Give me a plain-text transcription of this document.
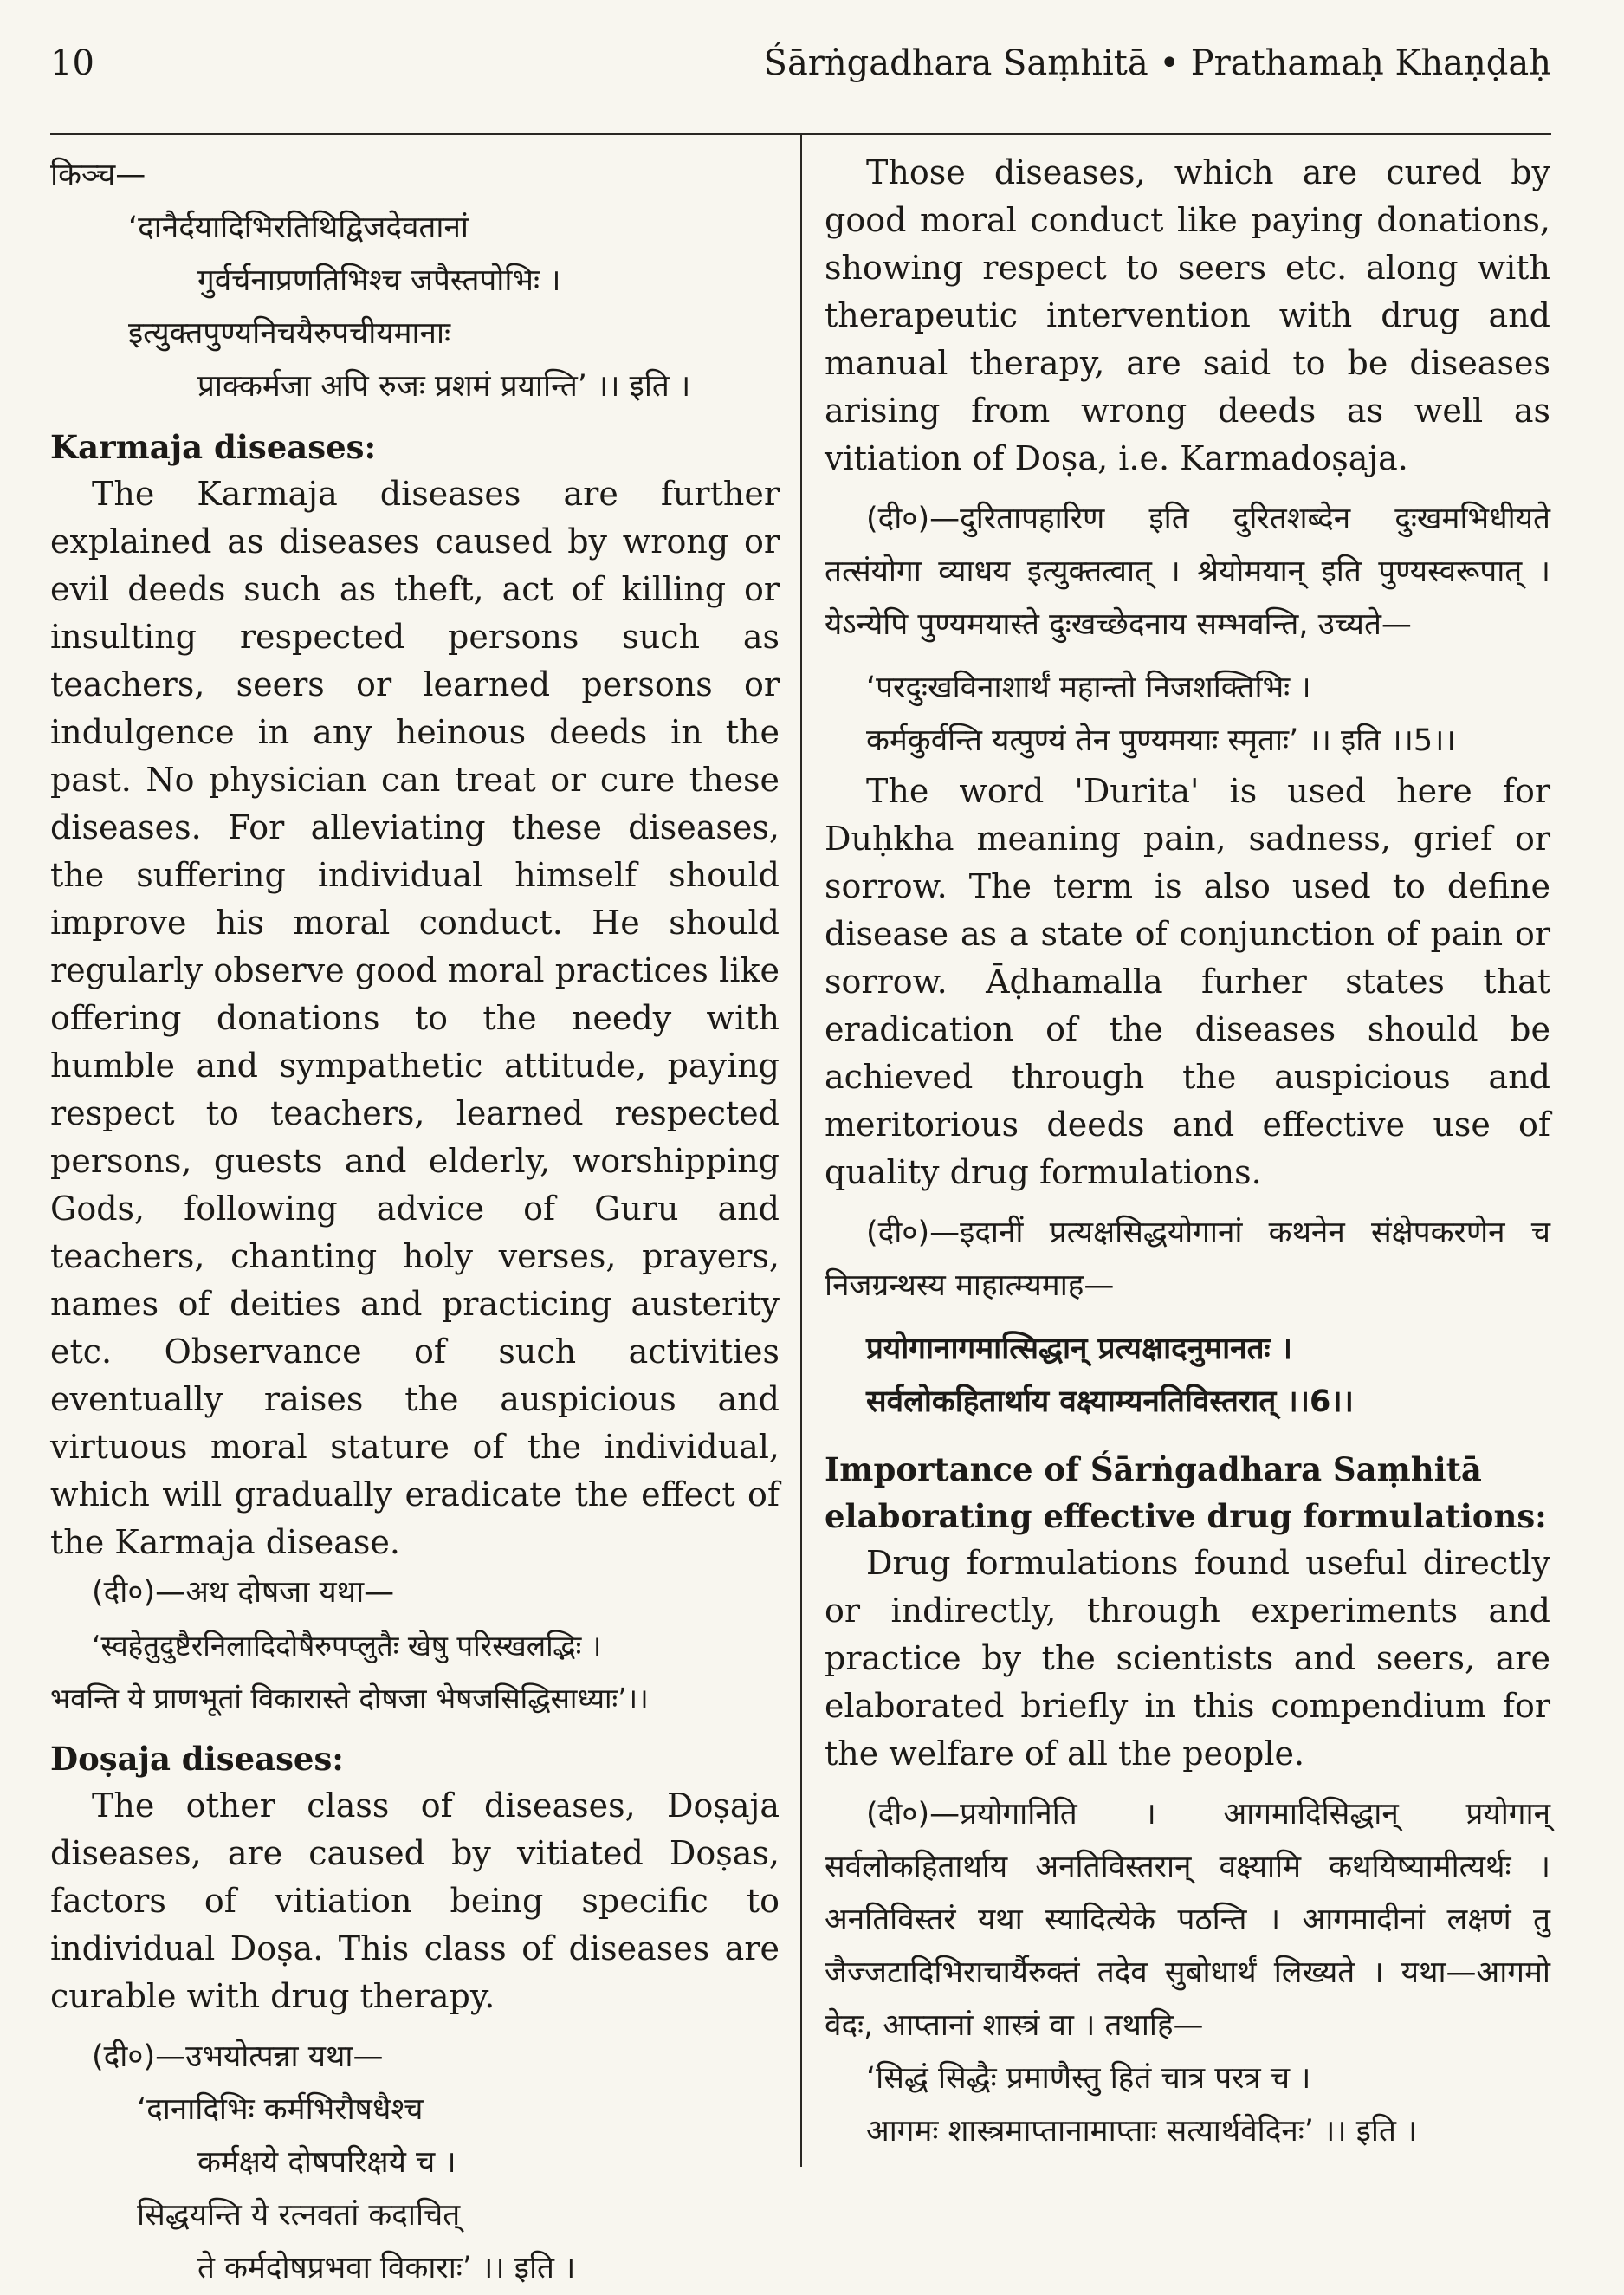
10	Śārṅgadhara Saṃhitā • Prathamaḥ Khaṇḍaḥ

किञ्च—

‘दानैर्दयादिभिरतिथिद्विजदेवतानां

गुर्वर्चनाप्रणतिभिश्च जपैस्तपोभिः ।

इत्युक्तपुण्यनिचयैरुपचीयमानाः

प्राक्कर्मजा अपि रुजः प्रशमं प्रयान्ति’ ।। इति ।

Karmaja diseases:

The Karmaja diseases are further explained as diseases caused by wrong or evil deeds such as theft, act of killing or insulting respected persons such as teachers, seers or learned persons or indulgence in any heinous deeds in the past. No physician can treat or cure these diseases. For alleviating these diseases, the suffering individual himself should improve his moral conduct. He should regularly observe good moral practices like offering donations to the needy with humble and sympathetic attitude, paying respect to teachers, learned respected persons, guests and elderly, worshipping Gods, following advice of Guru and teachers, chanting holy verses, prayers, names of deities and practicing austerity etc. Observance of such activities eventually raises the auspicious and virtuous moral stature of the individual, which will gradually eradicate the effect of the Karmaja disease.

(दी०)—अथ दोषजा यथा—

‘स्वहेतुदुष्टैरनिलादिदोषैरुपप्लुतैः खेषु परिस्खलद्भिः ।

भवन्ति ये प्राणभूतां विकारास्ते दोषजा भेषजसिद्धिसाध्याः’।।

Doṣaja diseases:

The other class of diseases, Doṣaja diseases, are caused by vitiated Doṣas, factors of vitiation being specific to individual Doṣa. This class of diseases are curable with drug therapy.

(दी०)—उभयोत्पन्ना यथा—

‘दानादिभिः कर्मभिरौषधैश्च

कर्मक्षये दोषपरिक्षये च ।

सिद्धयन्ति ये रत्नवतां कदाचित्

ते कर्मदोषप्रभवा विकाराः’ ।। इति ।

Those diseases, which are cured by good moral conduct like paying donations, showing respect to seers etc. along with therapeutic intervention with drug and manual therapy, are said to be diseases arising from wrong deeds as well as vitiation of Doṣa, i.e. Karmadoṣaja.

(दी०)—दुरितापहारिण इति दुरितशब्देन दुःखमभिधीयते तत्संयोगा व्याधय इत्युक्तत्वात् । श्रेयोमयान् इति पुण्यस्वरूपात् । येऽन्येपि पुण्यमयास्ते दुःखच्छेदनाय सम्भवन्ति, उच्यते—

‘परदुःखविनाशार्थं महान्तो निजशक्तिभिः ।

कर्मकुर्वन्ति यत्पुण्यं तेन पुण्यमयाः स्मृताः’ ।। इति ।।5।।

The word 'Durita' is used here for Duḥkha meaning pain, sadness, grief or sorrow. The term is also used to define disease as a state of conjunction of pain or sorrow. Āḍhamalla furher states that eradication of the diseases should be achieved through the auspicious and meritorious deeds and effective use of quality drug formulations.

(दी०)—इदानीं प्रत्यक्षसिद्धयोगानां कथनेन संक्षेपकरणेन च निजग्रन्थस्य माहात्म्यमाह—

प्रयोगानागमात्सिद्धान् प्रत्यक्षादनुमानतः ।

सर्वलोकहितार्थाय वक्ष्याम्यनतिविस्तरात् ।।6।।

Importance of Śārṅgadhara Saṃhitā

elaborating effective drug formulations:

Drug formulations found useful directly or indirectly, through experiments and practice by the scientists and seers, are elaborated briefly in this compendium for the welfare of all the people.

(दी०)—प्रयोगानिति । आगमादिसिद्धान् प्रयोगान् सर्वलोकहितार्थाय अनतिविस्तरान् वक्ष्यामि कथयिष्यामीत्यर्थः । अनतिविस्तरं यथा स्यादित्येके पठन्ति । आगमादीनां लक्षणं तु जैज्जटादिभिराचार्यैरुक्तं तदेव सुबोधार्थं लिख्यते । यथा—आगमो वेदः, आप्तानां शास्त्रं वा । तथाहि—

‘सिद्धं सिद्धैः प्रमाणैस्तु हितं चात्र परत्र च ।

आगमः शास्त्रमाप्तानामाप्ताः सत्यार्थवेदिनः’ ।। इति ।
